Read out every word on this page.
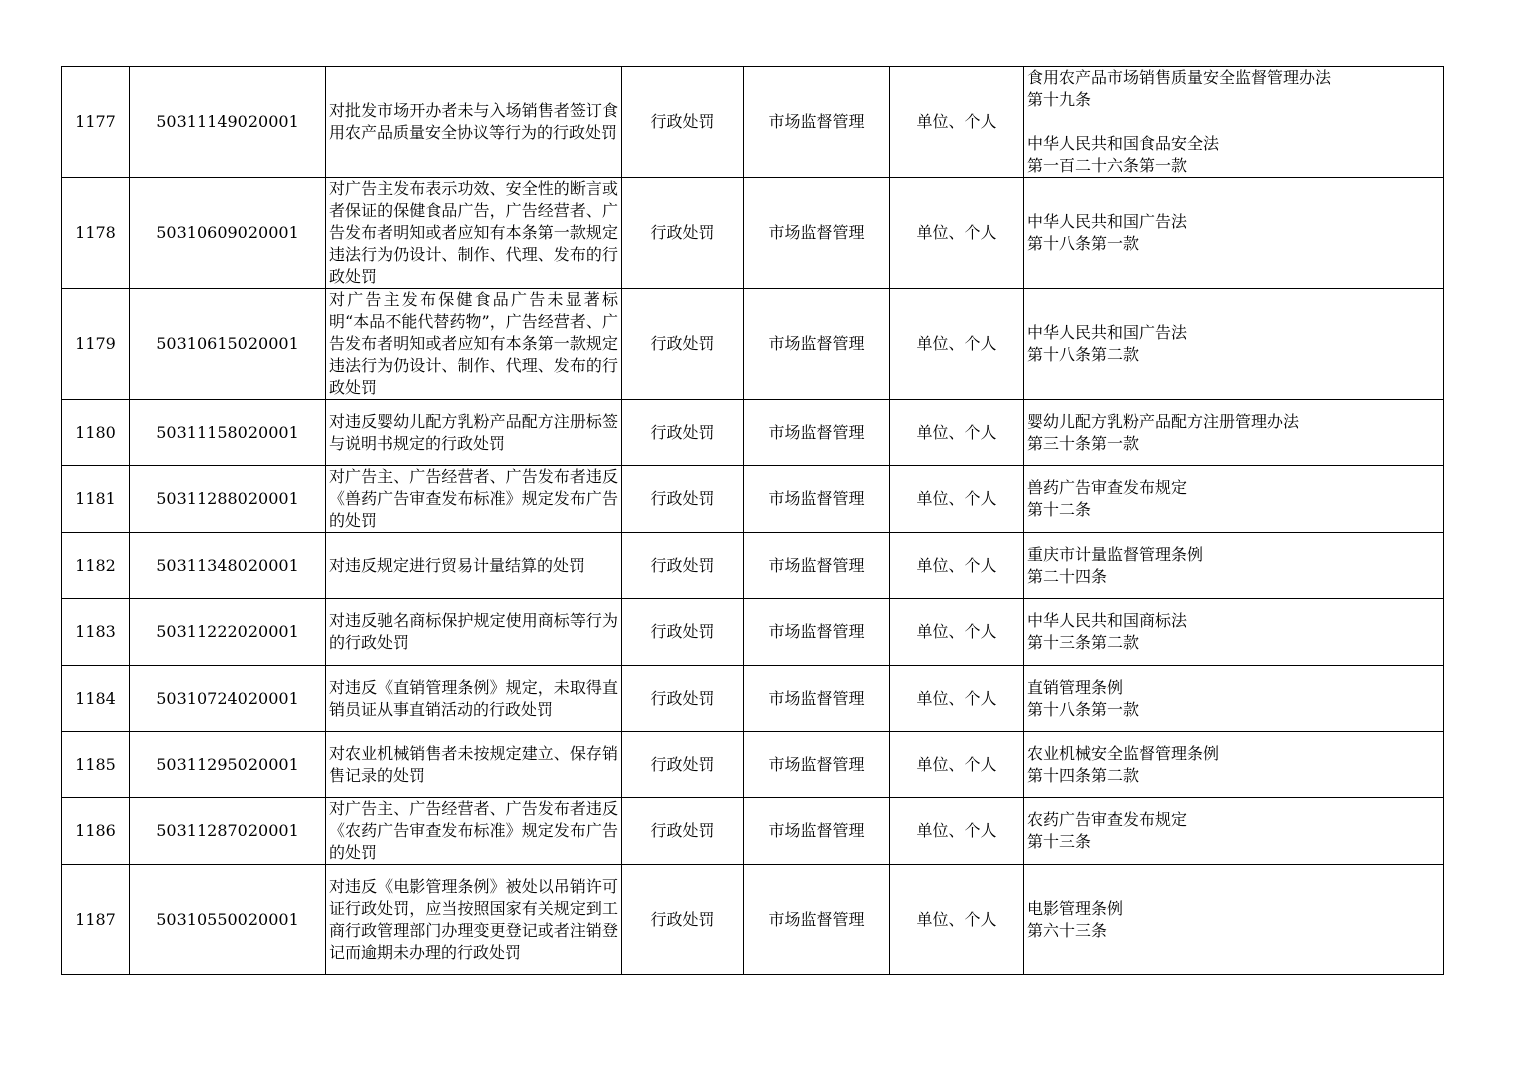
1177	50311149020001	对批发市场开办者未与入场销售者签订食用农产品质量安全协议等行为的行政处罚	行政处罚	市场监督管理	单位、个人	食用农产品市场销售质量安全监督管理办法
第十九条

中华人民共和国食品安全法
第一百二十六条第一款
1178	50310609020001	对广告主发布表示功效、安全性的断言或者保证的保健食品广告，广告经营者、广告发布者明知或者应知有本条第一款规定违法行为仍设计、制作、代理、发布的行政处罚	行政处罚	市场监督管理	单位、个人	中华人民共和国广告法
第十八条第一款
1179	50310615020001	对广告主发布保健食品广告未显著标明“本品不能代替药物”，广告经营者、广告发布者明知或者应知有本条第一款规定违法行为仍设计、制作、代理、发布的行政处罚	行政处罚	市场监督管理	单位、个人	中华人民共和国广告法
第十八条第二款
1180	50311158020001	对违反婴幼儿配方乳粉产品配方注册标签与说明书规定的行政处罚	行政处罚	市场监督管理	单位、个人	婴幼儿配方乳粉产品配方注册管理办法
第三十条第一款
1181	50311288020001	对广告主、广告经营者、广告发布者违反《兽药广告审查发布标准》规定发布广告的处罚	行政处罚	市场监督管理	单位、个人	兽药广告审查发布规定
第十二条
1182	50311348020001	对违反规定进行贸易计量结算的处罚	行政处罚	市场监督管理	单位、个人	重庆市计量监督管理条例
第二十四条
1183	50311222020001	对违反驰名商标保护规定使用商标等行为的行政处罚	行政处罚	市场监督管理	单位、个人	中华人民共和国商标法
第十三条第二款
1184	50310724020001	对违反《直销管理条例》规定，未取得直销员证从事直销活动的行政处罚	行政处罚	市场监督管理	单位、个人	直销管理条例
第十八条第一款
1185	50311295020001	对农业机械销售者未按规定建立、保存销售记录的处罚	行政处罚	市场监督管理	单位、个人	农业机械安全监督管理条例
第十四条第二款
1186	50311287020001	对广告主、广告经营者、广告发布者违反《农药广告审查发布标准》规定发布广告的处罚	行政处罚	市场监督管理	单位、个人	农药广告审查发布规定
第十三条
1187	50310550020001	对违反《电影管理条例》被处以吊销许可证行政处罚，应当按照国家有关规定到工商行政管理部门办理变更登记或者注销登记而逾期未办理的行政处罚	行政处罚	市场监督管理	单位、个人	电影管理条例
第六十三条
